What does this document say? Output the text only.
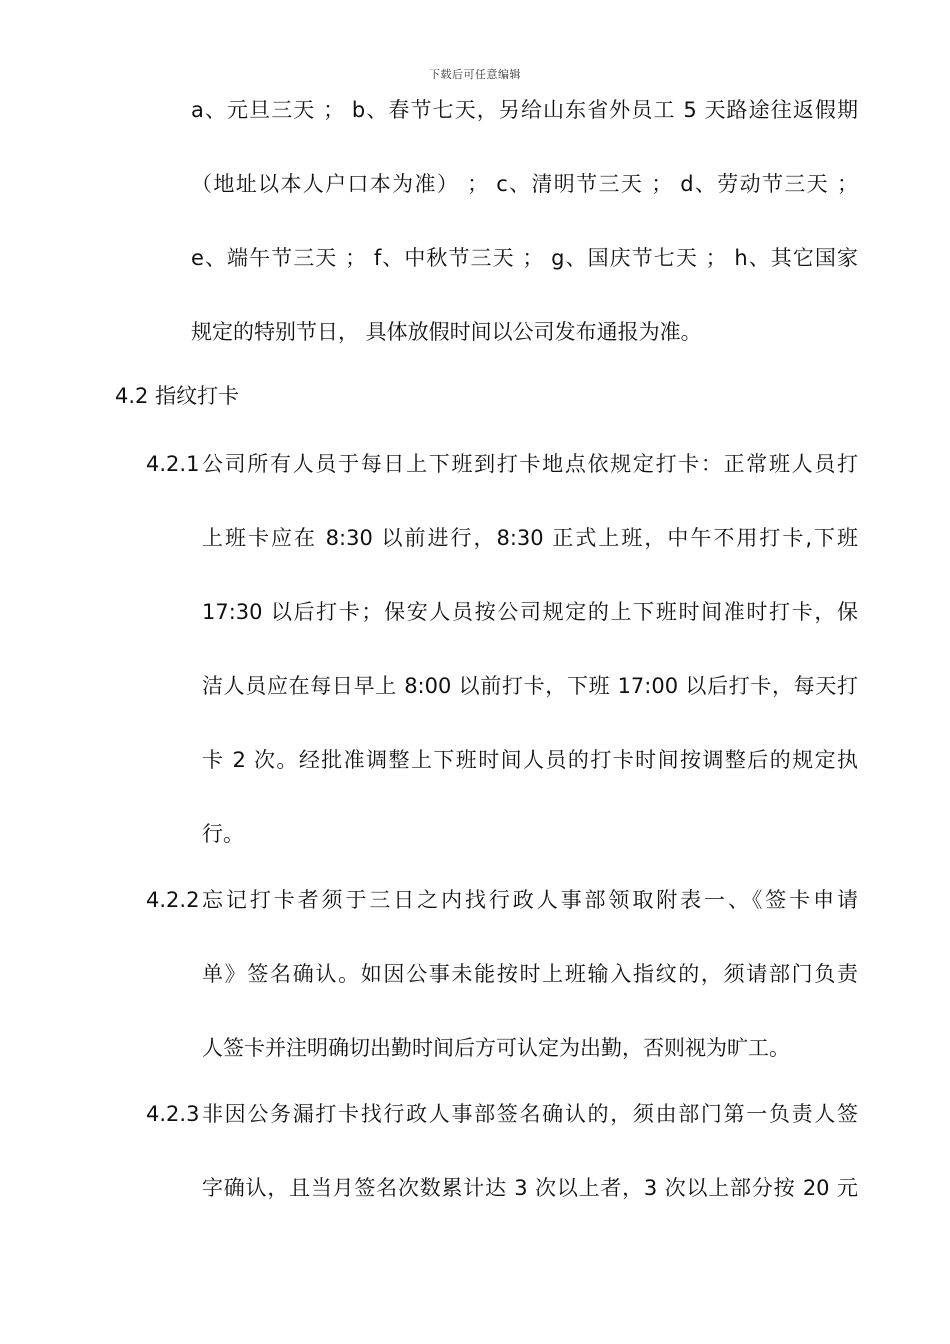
下载后可任意编辑
a、元旦三天 ； b、春节七天，另给山东省外员工 5 天路途往返假期
（地址以本人户口本为准） ； c、清明节三天 ； d、劳动节三天 ；
e、端午节三天 ； f、中秋节三天 ； g、国庆节七天 ； h、其它国家
规定的特别节日， 具体放假时间以公司发布通报为准。
4.2 指纹打卡
4.2.1 公司所有人员于每日上下班到打卡地点依规定打卡：正常班人员打
上班卡应在 8:30 以前进行，8:30 正式上班，中午不用打卡,下班
17:30 以后打卡；保安人员按公司规定的上下班时间准时打卡，保
洁人员应在每日早上 8:00 以前打卡，下班 17:00 以后打卡，每天打
卡 2 次。经批准调整上下班时间人员的打卡时间按调整后的规定执
行。
4.2.2 忘记打卡者须于三日之内找行政人事部领取附表一、《签卡申请
单》签名确认。如因公事未能按时上班输入指纹的，须请部门负责
人签卡并注明确切出勤时间后方可认定为出勤，否则视为旷工。
4.2.3 非因公务漏打卡找行政人事部签名确认的，须由部门第一负责人签
字确认，且当月签名次数累计达 3 次以上者，3 次以上部分按 20 元
